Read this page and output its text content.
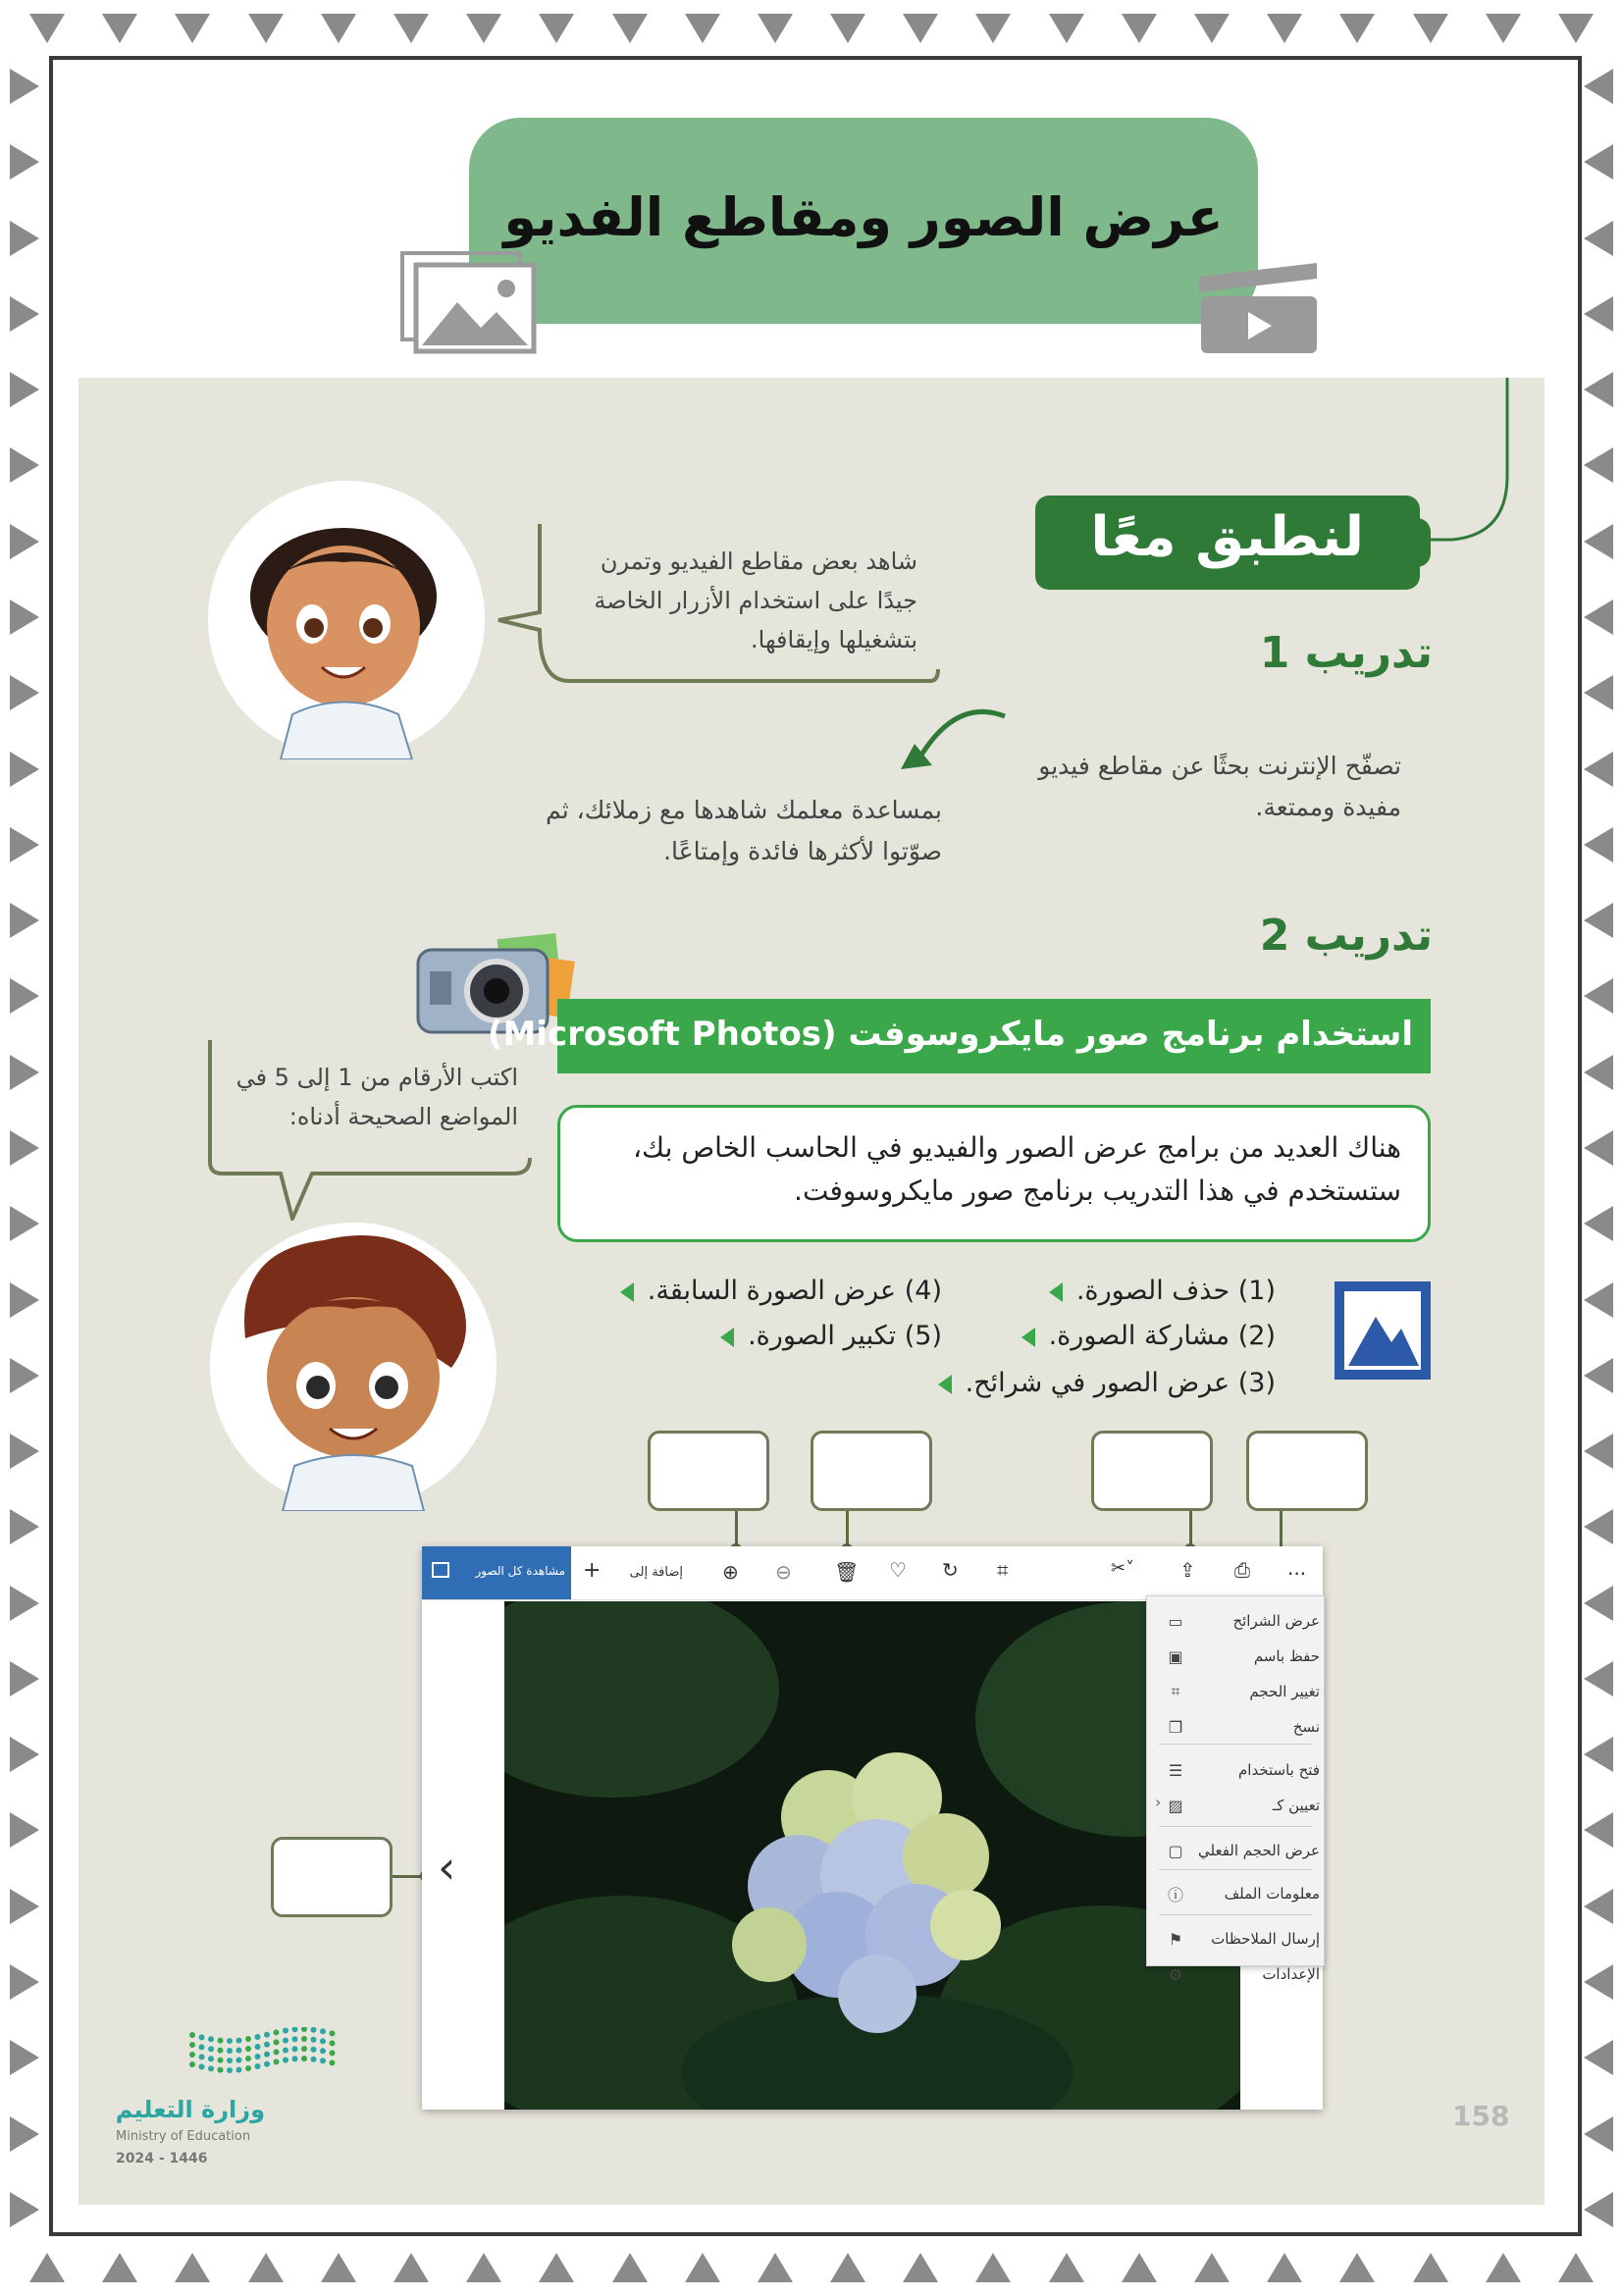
عرض الصور ومقاطع الفديو
لنطبق معًا
تدريب 1
تصفّح الإنترنت بحثًا عن مقاطع فيديو مفيدة وممتعة.
بمساعدة معلمك شاهدها مع زملائك، ثم صوّتوا لأكثرها فائدة وإمتاعًا.
شاهد بعض مقاطع الفيديو وتمرن جيدًا على استخدام الأزرار الخاصة بتشغيلها وإيقافها.
تدريب 2
استخدام برنامج صور مايكروسوفت (Microsoft Photos)
هناك العديد من برامج عرض الصور والفيديو في الحاسب الخاص بك، ستستخدم في هذا التدريب برنامج صور مايكروسوفت.
اكتب الأرقام من 1 إلى 5 في المواضع الصحيحة أدناه:
(1) حذف الصورة.
(2) مشاركة الصورة.
(3) عرض الصور في شرائح.
(4) عرض الصورة السابقة.
(5) تكبير الصورة.
مشاهدة كل الصور +	إضافة إلى ⊕ ⊖ 🗑 ♡ ↻ ⌗	✂˅ ⇪ ⎙ ...
‹
▭	عرض الشرائح
▣	حفظ باسم
⌗	تغيير الحجم
❐	نسخ
☰	فتح باستخدام
▨	تعيين كـ
▢	عرض الحجم الفعلي
ⓘ	معلومات الملف
⚑	إرسال الملاحظات
⚙	الإعدادات
›
158
وزارة التعليم
Ministry of Education
2024 - 1446
